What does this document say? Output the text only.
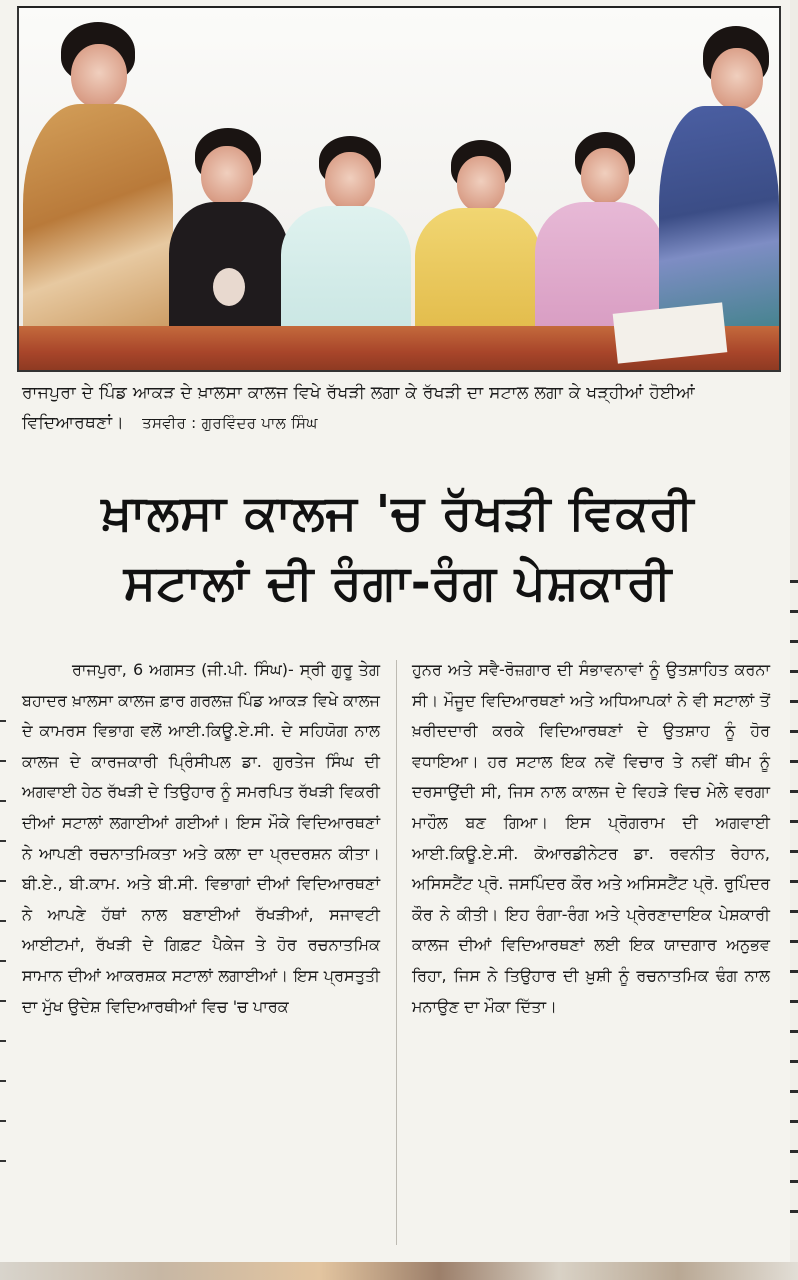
ਰਾਜਪੁਰਾ ਦੇ ਪਿੰਡ ਆਕੜ ਦੇ ਖ਼ਾਲਸਾ ਕਾਲਜ ਵਿਖੇ ਰੱਖੜੀ ਲਗਾ ਕੇ ਰੱਖੜੀ ਦਾ ਸਟਾਲ ਲਗਾ ਕੇ ਖੜ੍ਹੀਆਂ ਹੋਈਆਂ ਵਿਦਿਆਰਥਣਾਂ। ਤਸਵੀਰ : ਗੁਰਵਿੰਦਰ ਪਾਲ ਸਿੰਘ
ਖ਼ਾਲਸਾ ਕਾਲਜ 'ਚ ਰੱਖੜੀ ਵਿਕਰੀ
ਸਟਾਲਾਂ ਦੀ ਰੰਗਾ-ਰੰਗ ਪੇਸ਼ਕਾਰੀ
ਰਾਜਪੁਰਾ, 6 ਅਗਸਤ (ਜੀ.ਪੀ. ਸਿੰਘ)- ਸ੍ਰੀ ਗੁਰੂ ਤੇਗ ਬਹਾਦਰ ਖ਼ਾਲਸਾ ਕਾਲਜ ਫ਼ਾਰ ਗਰਲਜ਼ ਪਿੰਡ ਆਕੜ ਵਿਖੇ ਕਾਲਜ ਦੇ ਕਾਮਰਸ ਵਿਭਾਗ ਵਲੋਂ ਆਈ.ਕਿਊ.ਏ.ਸੀ. ਦੇ ਸਹਿਯੋਗ ਨਾਲ ਕਾਲਜ ਦੇ ਕਾਰਜਕਾਰੀ ਪ੍ਰਿੰਸੀਪਲ ਡਾ. ਗੁਰਤੇਜ ਸਿੰਘ ਦੀ ਅਗਵਾਈ ਹੇਠ ਰੱਖੜੀ ਦੇ ਤਿਉਹਾਰ ਨੂੰ ਸਮਰਪਿਤ ਰੱਖੜੀ ਵਿਕਰੀ ਦੀਆਂ ਸਟਾਲਾਂ ਲਗਾਈਆਂ ਗਈਆਂ। ਇਸ ਮੌਕੇ ਵਿਦਿਆਰਥਣਾਂ ਨੇ ਆਪਣੀ ਰਚਨਾਤਮਿਕਤਾ ਅਤੇ ਕਲਾ ਦਾ ਪ੍ਰਦਰਸ਼ਨ ਕੀਤਾ। ਬੀ.ਏ., ਬੀ.ਕਾਮ. ਅਤੇ ਬੀ.ਸੀ. ਵਿਭਾਗਾਂ ਦੀਆਂ ਵਿਦਿਆਰਥਣਾਂ ਨੇ ਆਪਣੇ ਹੱਥਾਂ ਨਾਲ ਬਣਾਈਆਂ ਰੱਖੜੀਆਂ, ਸਜਾਵਟੀ ਆਈਟਮਾਂ, ਰੱਖੜੀ ਦੇ ਗਿਫ਼ਟ ਪੈਕੇਜ ਤੇ ਹੋਰ ਰਚਨਾਤਮਿਕ ਸਾਮਾਨ ਦੀਆਂ ਆਕਰਸ਼ਕ ਸਟਾਲਾਂ ਲਗਾਈਆਂ। ਇਸ ਪ੍ਰਸਤੁਤੀ ਦਾ ਮੁੱਖ ਉਦੇਸ਼ ਵਿਦਿਆਰਥੀਆਂ ਵਿਚ 'ਚ ਪਾਰਕ
ਹੁਨਰ ਅਤੇ ਸਵੈ-ਰੋਜ਼ਗਾਰ ਦੀ ਸੰਭਾਵਨਾਵਾਂ ਨੂੰ ਉਤਸ਼ਾਹਿਤ ਕਰਨਾ ਸੀ। ਮੌਜੂਦ ਵਿਦਿਆਰਥਣਾਂ ਅਤੇ ਅਧਿਆਪਕਾਂ ਨੇ ਵੀ ਸਟਾਲਾਂ ਤੋਂ ਖ਼ਰੀਦਦਾਰੀ ਕਰਕੇ ਵਿਦਿਆਰਥਣਾਂ ਦੇ ਉਤਸ਼ਾਹ ਨੂੰ ਹੋਰ ਵਧਾਇਆ। ਹਰ ਸਟਾਲ ਇਕ ਨਵੇਂ ਵਿਚਾਰ ਤੇ ਨਵੀਂ ਥੀਮ ਨੂੰ ਦਰਸਾਉਂਦੀ ਸੀ, ਜਿਸ ਨਾਲ ਕਾਲਜ ਦੇ ਵਿਹੜੇ ਵਿਚ ਮੇਲੇ ਵਰਗਾ ਮਾਹੌਲ ਬਣ ਗਿਆ। ਇਸ ਪ੍ਰੋਗਰਾਮ ਦੀ ਅਗਵਾਈ ਆਈ.ਕਿਊ.ਏ.ਸੀ. ਕੋਆਰਡੀਨੇਟਰ ਡਾ. ਰਵਨੀਤ ਰੇਹਾਨ, ਅਸਿਸਟੈਂਟ ਪ੍ਰੋ. ਜਸਪਿੰਦਰ ਕੌਰ ਅਤੇ ਅਸਿਸਟੈਂਟ ਪ੍ਰੋ. ਰੁਪਿੰਦਰ ਕੌਰ ਨੇ ਕੀਤੀ। ਇਹ ਰੰਗਾ-ਰੰਗ ਅਤੇ ਪ੍ਰੇਰਣਾਦਾਇਕ ਪੇਸ਼ਕਾਰੀ ਕਾਲਜ ਦੀਆਂ ਵਿਦਿਆਰਥਣਾਂ ਲਈ ਇਕ ਯਾਦਗਾਰ ਅਨੁਭਵ ਰਿਹਾ, ਜਿਸ ਨੇ ਤਿਉਹਾਰ ਦੀ ਖ਼ੁਸ਼ੀ ਨੂੰ ਰਚਨਾਤਮਿਕ ਢੰਗ ਨਾਲ ਮਨਾਉਣ ਦਾ ਮੌਕਾ ਦਿੱਤਾ।
